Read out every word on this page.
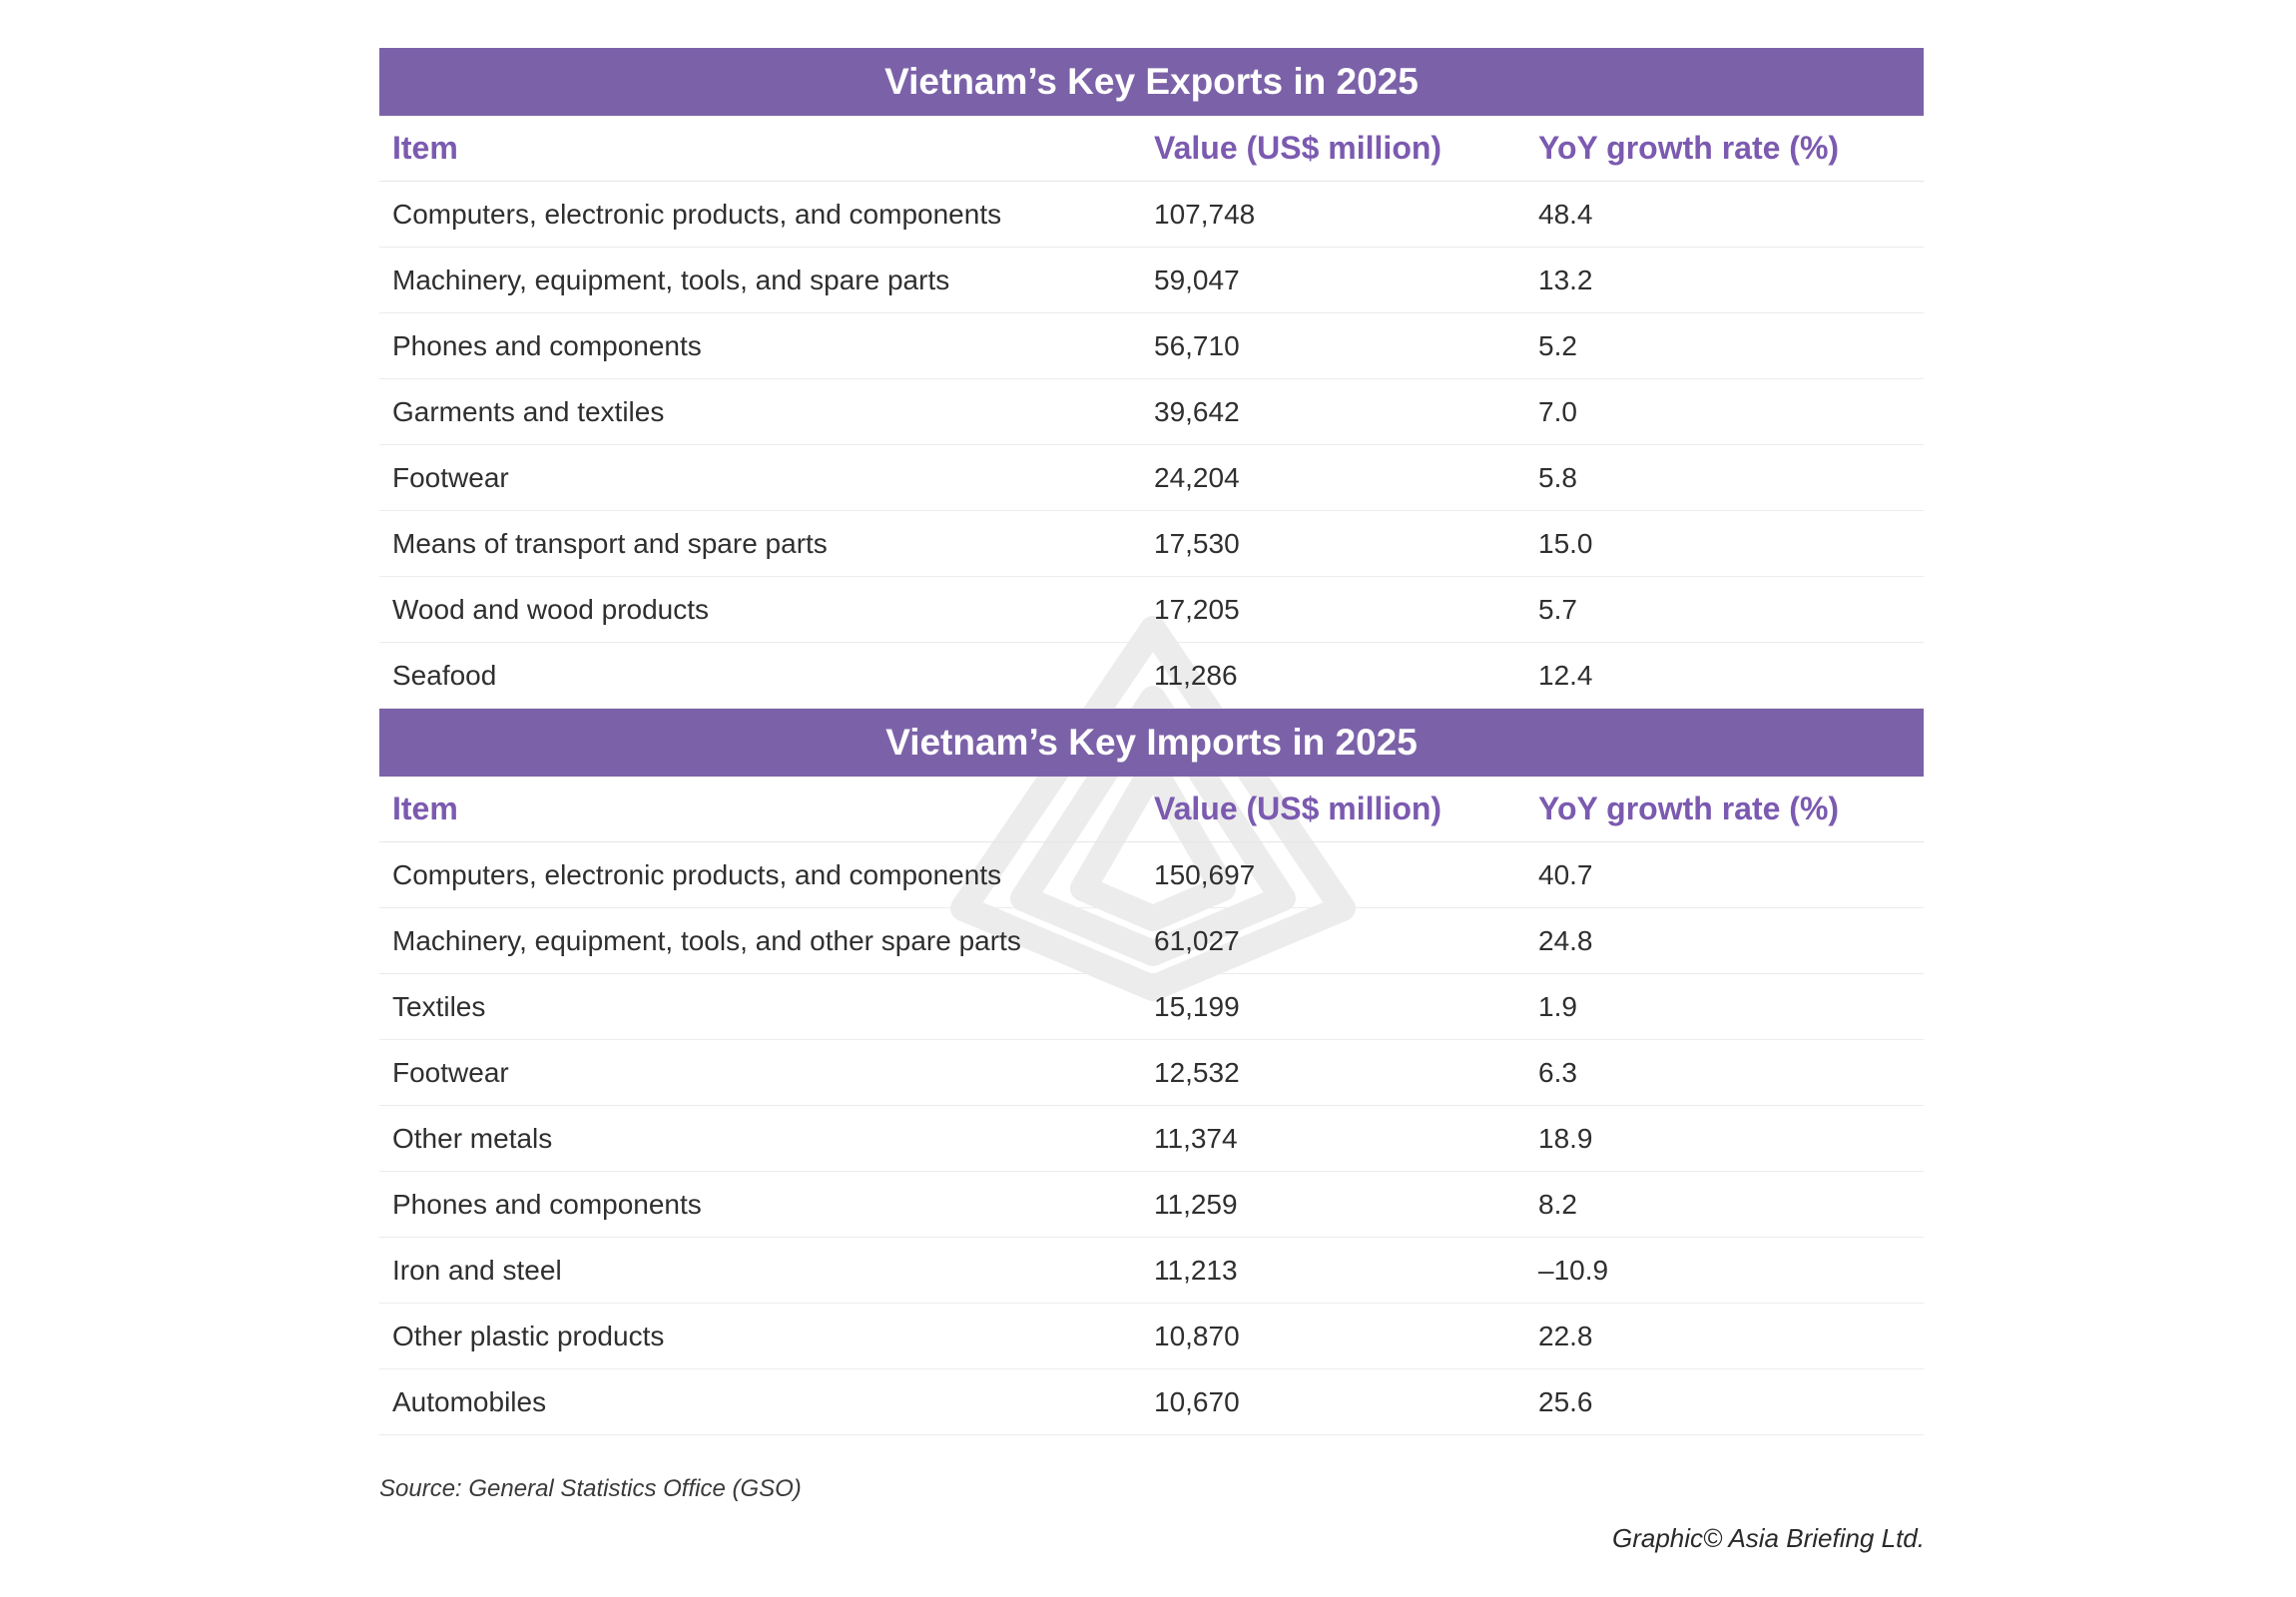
Vietnam’s Key Exports in 2025
Item	Value (US$ million)	YoY growth rate (%)
Computers, electronic products, and components	107,748	48.4
Machinery, equipment, tools, and spare parts	59,047	13.2
Phones and components	56,710	5.2
Garments and textiles	39,642	7.0
Footwear	24,204	5.8
Means of transport and spare parts	17,530	15.0
Wood and wood products	17,205	5.7
Seafood	11,286	12.4
Vietnam’s Key Imports in 2025
Item	Value (US$ million)	YoY growth rate (%)
Computers, electronic products, and components	150,697	40.7
Machinery, equipment, tools, and other spare parts	61,027	24.8
Textiles	15,199	1.9
Footwear	12,532	6.3
Other metals	11,374	18.9
Phones and components	11,259	8.2
Iron and steel	11,213	–10.9
Other plastic products	10,870	22.8
Automobiles	10,670	25.6
Source: General Statistics Office (GSO)
Graphic© Asia Briefing Ltd.
